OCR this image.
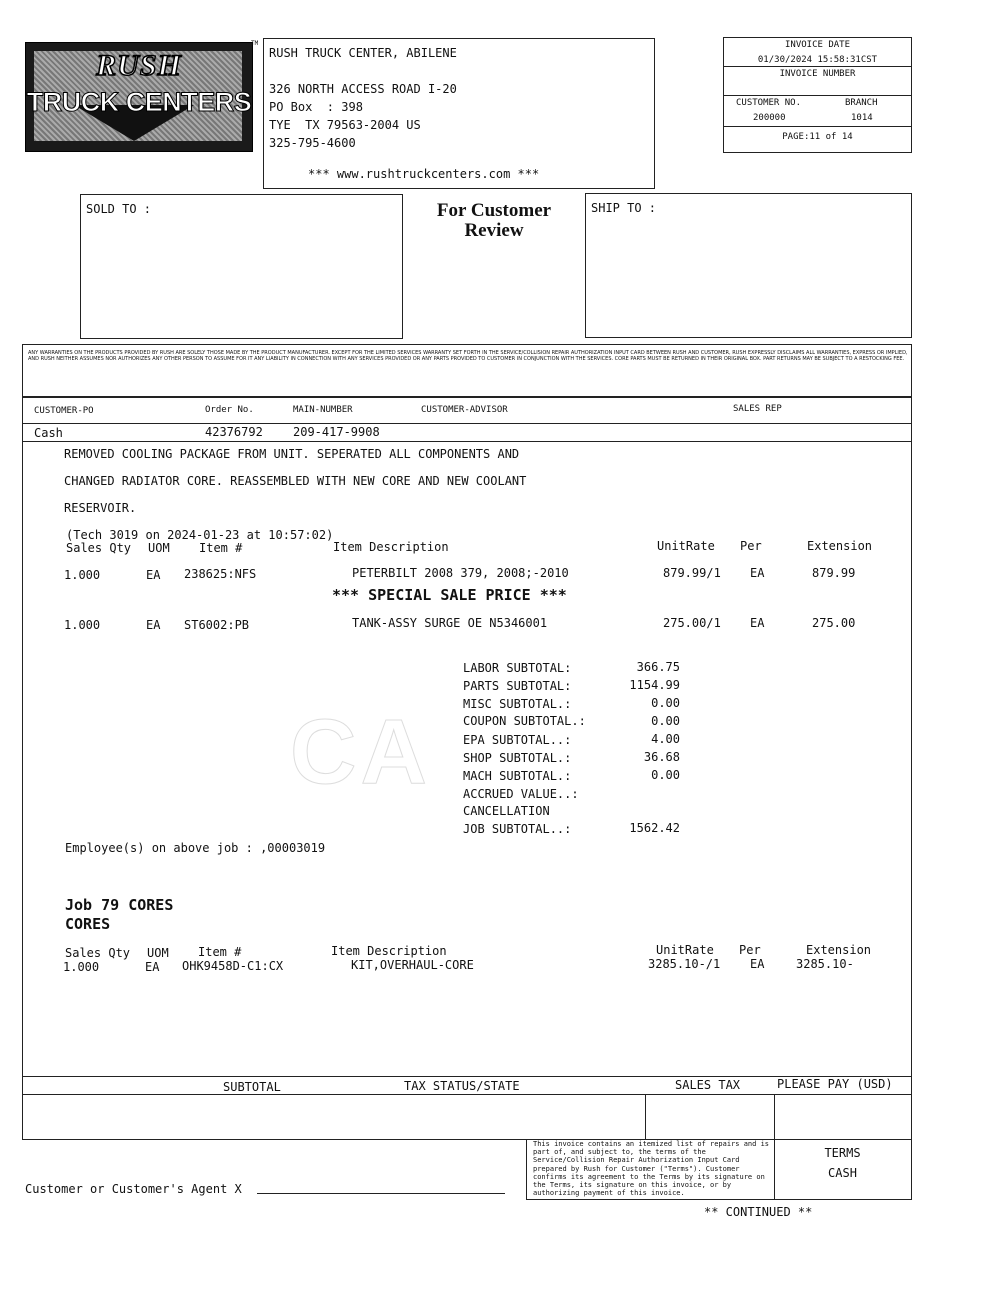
RUSH
TRUCK CENTERS
TM
RUSH TRUCK CENTER, ABILENE
326 NORTH ACCESS ROAD I-20
PO Box  : 398
TYE  TX 79563-2004 US
325-795-4600
*** www.rushtruckcenters.com ***
INVOICE DATE
01/30/2024 15:58:31CST
INVOICE NUMBER
CUSTOMER NO.	BRANCH
200000	1014
PAGE:11 of 14
SOLD TO :	For Customer
Review
SHIP TO :
ANY WARRANTIES ON THE PRODUCTS PROVIDED BY RUSH ARE SOLELY THOSE MADE BY THE PRODUCT MANUFACTURER. EXCEPT FOR THE LIMITED SERVICES WARRANTY SET FORTH IN THE SERVICE/COLLISION REPAIR AUTHORIZATION INPUT CARD BETWEEN RUSH AND CUSTOMER, RUSH EXPRESSLY DISCLAIMS ALL WARRANTIES, EXPRESS OR IMPLIED, AND RUSH NEITHER ASSUMES NOR AUTHORIZES ANY OTHER PERSON TO ASSUME FOR IT ANY LIABILITY IN CONNECTION WITH ANY SERVICES PROVIDED OR ANY PARTS PROVIDED TO CUSTOMER IN CONJUNCTION WITH THE SERVICES. CORE PARTS MUST BE RETURNED IN THEIR ORIGINAL BOX. PART RETURNS MAY BE SUBJECT TO A RESTOCKING FEE.
CUSTOMER-PO	Order No.	MAIN-NUMBER	CUSTOMER-ADVISOR	SALES REP
Cash	42376792	209-417-9908
REMOVED COOLING PACKAGE FROM UNIT. SEPERATED ALL COMPONENTS AND
CHANGED RADIATOR CORE. REASSEMBLED WITH NEW CORE AND NEW COOLANT
RESERVOIR.
(Tech 3019 on 2024-01-23 at 10:57:02)
Sales Qty UOM Item #	Item Description	UnitRate Per	Extension
1.000	EA 238625:NFS	PETERBILT 2008 379, 2008;-2010	879.99/1 EA	879.99
*** SPECIAL SALE PRICE ***
1.000	EA ST6002:PB	TANK-ASSY SURGE OE N5346001	275.00/1 EA	275.00
CA
LABOR SUBTOTAL:	366.75
PARTS SUBTOTAL:	1154.99
MISC SUBTOTAL.:	0.00
COUPON SUBTOTAL.:	0.00
EPA SUBTOTAL..:	4.00
SHOP SUBTOTAL.:	36.68
MACH SUBTOTAL.:	0.00
ACCRUED VALUE..:
CANCELLATION
JOB SUBTOTAL..:	1562.42
Employee(s) on above job : ,00003019
Job 79 CORES
CORES
Sales Qty UOM Item #	Item Description	UnitRate Per	Extension
1.000	EA OHK9458D-C1:CX	KIT,OVERHAUL-CORE	3285.10-/1 EA	3285.10-
SUBTOTAL	TAX STATUS/STATE	SALES TAX	PLEASE PAY (USD)
This invoice contains an itemized list of repairs and is part of, and subject to, the terms of the Service/Collision Repair Authorization Input Card prepared by Rush for Customer ("Terms"). Customer confirms its agreement to the Terms by its signature on the Terms, its signature on this invoice, or by authorizing payment of this invoice.
TERMS
CASH
Customer or Customer's Agent X
** CONTINUED **
